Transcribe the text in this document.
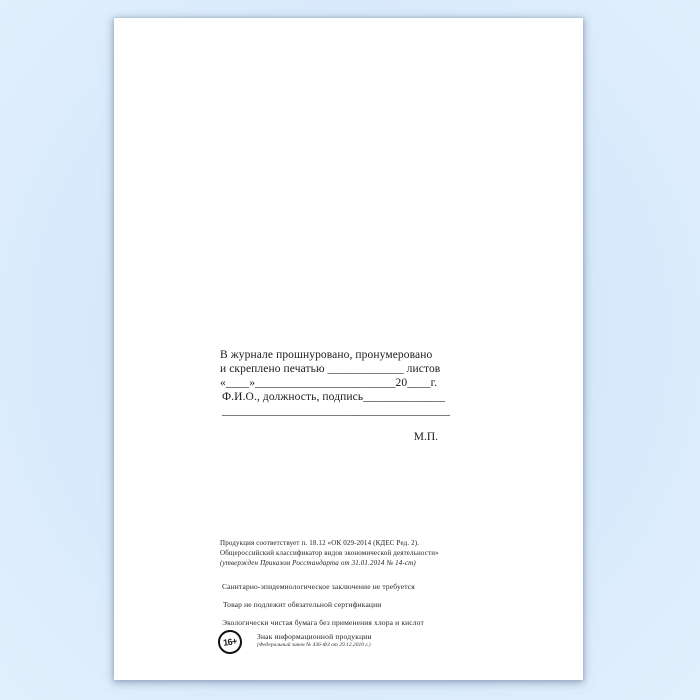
В журнале прошнуровано, пронумеровано
и скреплено печатью _____________ листов
«____»________________________20____г.
Ф.И.О., должность, подпись______________
_______________________________________
М.П.
Продукция соответствует п. 18.12 «ОК 029-2014 (КДЕС Ред. 2).
Общероссийский классификатор видов экономической деятельности»
(утвержден Приказом Росстандарта от 31.01.2014 № 14-ст)
Санитарно-эпидемиологическое заключение не требуется
Товар не подлежит обязательной сертификации
Экологически чистая бумага без применения хлора и кислот
16+	Знак информационной продукции
(Федеральный закон № 436-ФЗ от 29.12.2010 г.)
